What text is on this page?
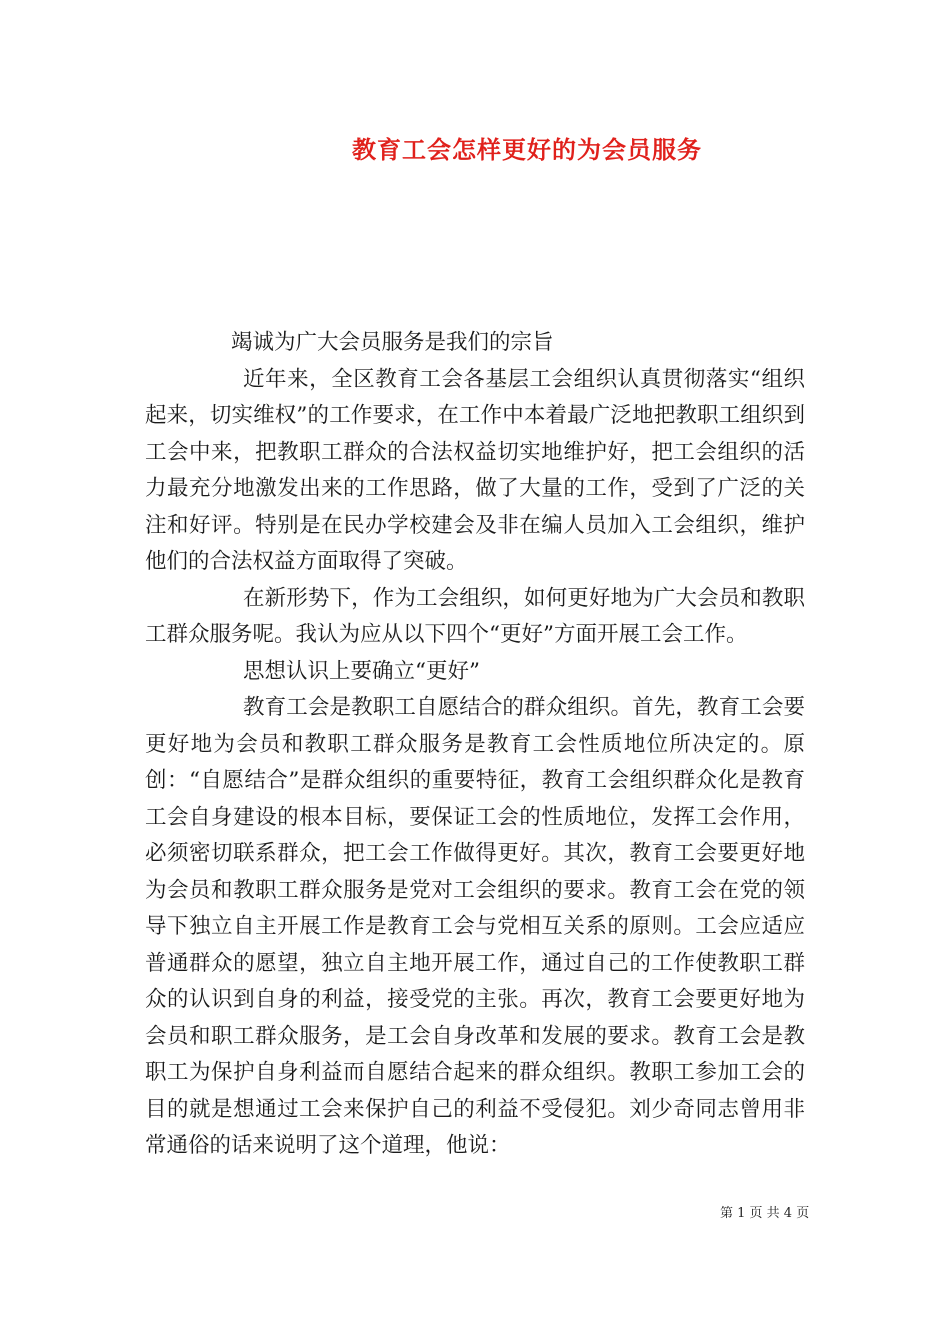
教育工会怎样更好的为会员服务

竭诚为广大会员服务是我们的宗旨

近年来，全区教育工会各基层工会组织认真贯彻落实“组织起来，切实维权”的工作要求，在工作中本着最广泛地把教职工组织到工会中来，把教职工群众的合法权益切实地维护好，把工会组织的活力最充分地激发出来的工作思路，做了大量的工作，受到了广泛的关注和好评。特别是在民办学校建会及非在编人员加入工会组织，维护他们的合法权益方面取得了突破。

在新形势下，作为工会组织，如何更好地为广大会员和教职工群众服务呢。我认为应从以下四个“更好”方面开展工会工作。

思想认识上要确立“更好”

教育工会是教职工自愿结合的群众组织。首先，教育工会要更好地为会员和教职工群众服务是教育工会性质地位所决定的。原创：“自愿结合”是群众组织的重要特征，教育工会组织群众化是教育工会自身建设的根本目标，要保证工会的性质地位，发挥工会作用，必须密切联系群众，把工会工作做得更好。其次，教育工会要更好地为会员和教职工群众服务是党对工会组织的要求。教育工会在党的领导下独立自主开展工作是教育工会与党相互关系的原则。工会应适应普通群众的愿望，独立自主地开展工作，通过自己的工作使教职工群众的认识到自身的利益，接受党的主张。再次，教育工会要更好地为会员和职工群众服务，是工会自身改革和发展的要求。教育工会是教职工为保护自身利益而自愿结合起来的群众组织。教职工参加工会的目的就是想通过工会来保护自己的利益不受侵犯。刘少奇同志曾用非常通俗的话来说明了这个道理，他说：

第 1 页 共 4 页
